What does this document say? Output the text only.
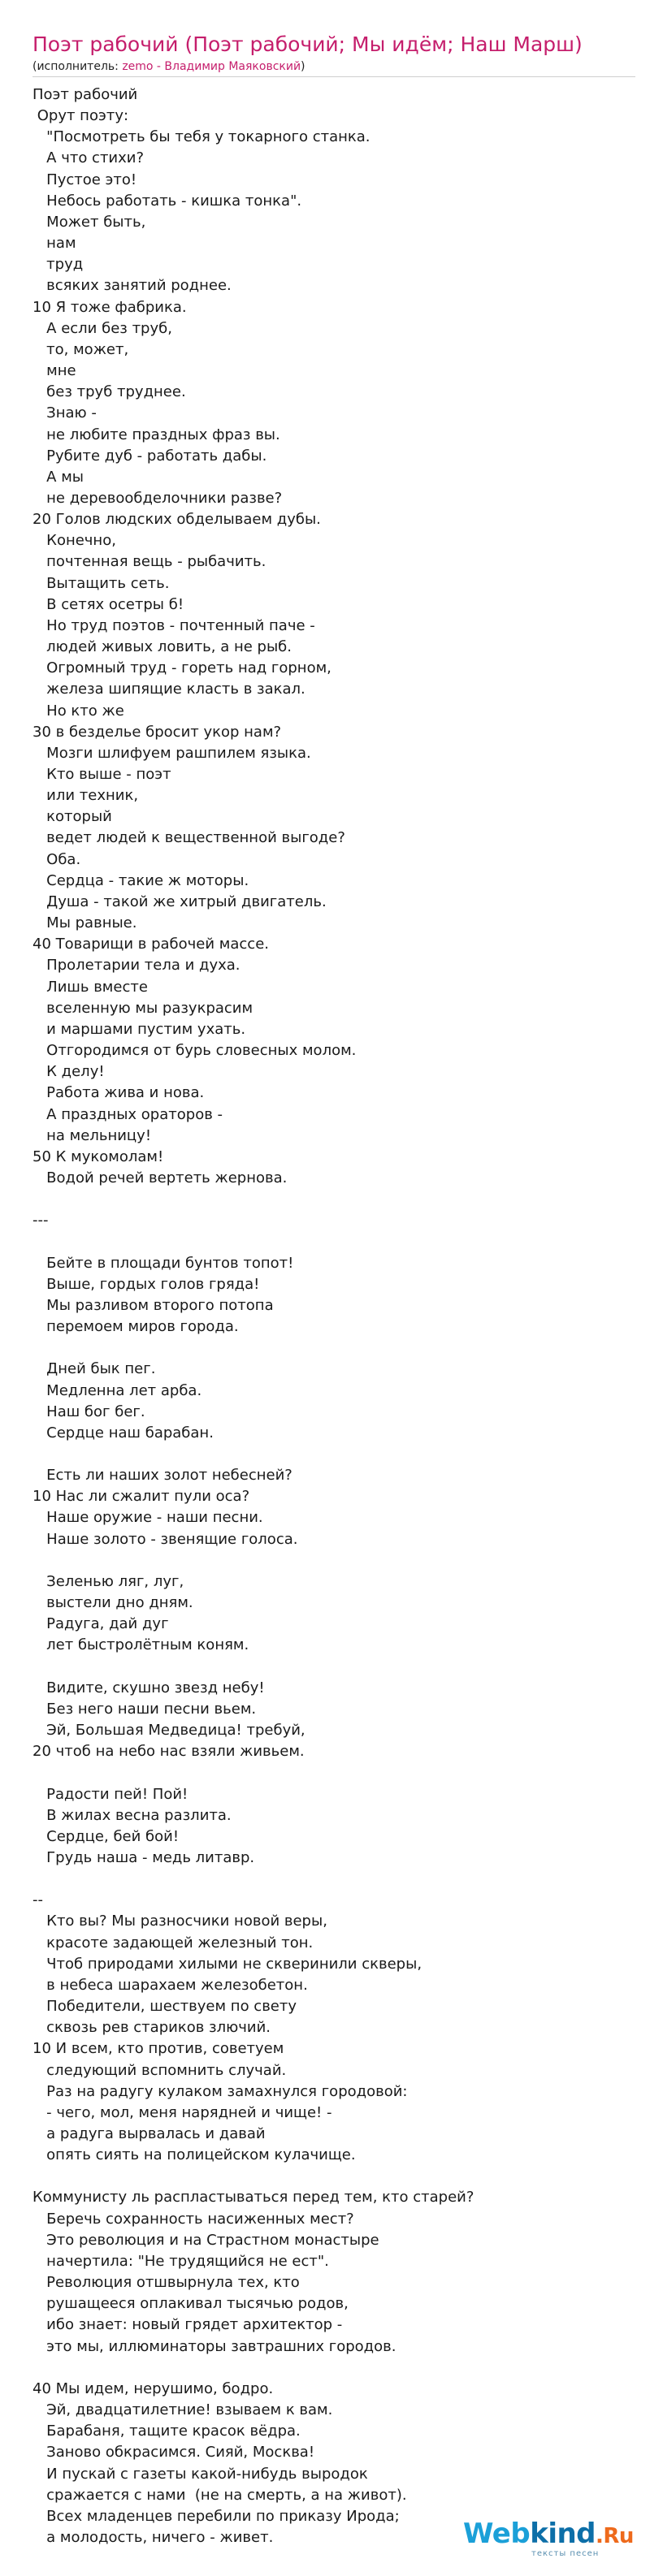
Поэт рабочий (Поэт рабочий; Мы идём; Наш Марш)
(исполнитель: zemo - Владимир Маяковский)
Поэт рабочий
Орут поэту:
"Посмотреть бы тебя у токарного станка.
А что стихи?
Пустое это!
Небось работать - кишка тонка".
Может быть,
нам
труд
всяких занятий роднее.
10 Я тоже фабрика.
А если без труб,
то, может,
мне
без труб труднее.
Знаю -
не любите праздных фраз вы.
Рубите дуб - работать дабы.
А мы
не деревообделочники разве?
20 Голов людских обделываем дубы.
Конечно,
почтенная вещь - рыбачить.
Вытащить сеть.
В сетях осетры б!
Но труд поэтов - почтенный паче -
людей живых ловить, а не рыб.
Огромный труд - гореть над горном,
железа шипящие класть в закал.
Но кто же
30 в безделье бросит укор нам?
Мозги шлифуем рашпилем языка.
Кто выше - поэт
или техник,
который
ведет людей к вещественной выгоде?
Оба.
Сердца - такие ж моторы.
Душа - такой же хитрый двигатель.
Мы равные.
40 Товарищи в рабочей массе.
Пролетарии тела и духа.
Лишь вместе
вселенную мы разукрасим
и маршами пустим ухать.
Отгородимся от бурь словесных молом.
К делу!
Работа жива и нова.
А праздных ораторов -
на мельницу!
50 К мукомолам!
Водой речей вертеть жернова.

---

Бейте в площади бунтов топот!
Выше, гордых голов гряда!
Мы разливом второго потопа
перемоем миров города.

Дней бык пег.
Медленна лет арба.
Наш бог бег.
Сердце наш барабан.

Есть ли наших золот небесней?
10 Нас ли сжалит пули оса?
Наше оружие - наши песни.
Наше золото - звенящие голоса.

Зеленью ляг, луг,
выстели дно дням.
Радуга, дай дуг
лет быстролётным коням.

Видите, скушно звезд небу!
Без него наши песни вьем.
Эй, Большая Медведица! требуй,
20 чтоб на небо нас взяли живьем.

Радости пей! Пой!
В жилах весна разлита.
Сердце, бей бой!
Грудь наша - медь литавр.

--
Кто вы? Мы разносчики новой веры,
красоте задающей железный тон.
Чтоб природами хилыми не скверинили скверы,
в небеса шарахаем железобетон.
Победители, шествуем по свету
сквозь рев стариков злючий.
10 И всем, кто против, советуем
следующий вспомнить случай.
Раз на радугу кулаком замахнулся городовой:
- чего, мол, меня нарядней и чище! -
а радуга вырвалась и давай
опять сиять на полицейском кулачище.

Коммунисту ль распластываться перед тем, кто старей?
Беречь сохранность насиженных мест?
Это революция и на Страстном монастыре
начертила: "Не трудящийся не ест".
Революция отшвырнула тех, кто
рушащееся оплакивал тысячью родов,
ибо знает: новый грядет архитектор -
это мы, иллюминаторы завтрашних городов.

40 Мы идем, нерушимо, бодро.
Эй, двадцатилетние! взываем к вам.
Барабаня, тащите красок вёдра.
Заново обкрасимся. Сияй, Москва!
И пускай с газеты какой-нибудь выродок
сражается с нами  (не на смерть, а на живот).
Всех младенцев перебили по приказу Ирода;
а молодость, ничего - живет.	Webkind.Ru
тексты песен
